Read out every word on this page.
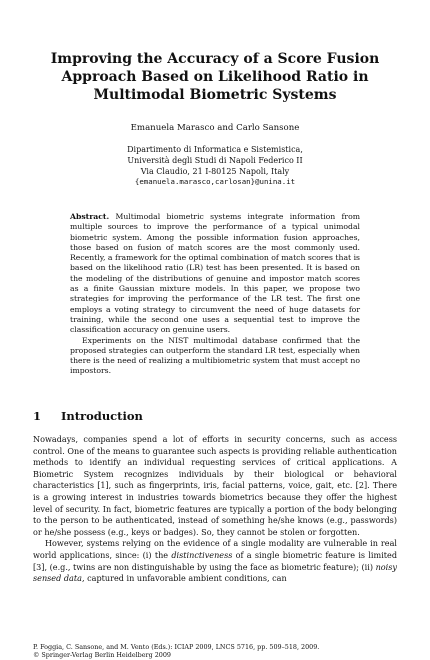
Improving the Accuracy of a Score Fusion
Approach Based on Likelihood Ratio in
Multimodal Biometric Systems
Emanuela Marasco and Carlo Sansone
Dipartimento di Informatica e Sistemistica,
Università degli Studi di Napoli Federico II
Via Claudio, 21 I-80125 Napoli, Italy
{emanuela.marasco,carlosan}@unina.it

Abstract. Multimodal biometric systems integrate information from multiple sources to improve the performance of a typical unimodal biometric system. Among the possible information fusion approaches, those based on fusion of match scores are the most commonly used. Recently, a framework for the optimal combination of match scores that is based on the likelihood ratio (LR) test has been presented. It is based on the modeling of the distributions of genuine and impostor match scores as a finite Gaussian mixture models. In this paper, we propose two strategies for improving the performance of the LR test. The first one employs a voting strategy to circumvent the need of huge datasets for training, while the second one uses a sequential test to improve the classification accuracy on genuine users.

Experiments on the NIST multimodal database confirmed that the proposed strategies can outperform the standard LR test, especially when there is the need of realizing a multibiometric system that must accept no impostors.

1 Introduction

Nowadays, companies spend a lot of efforts in security concerns, such as access control. One of the means to guarantee such aspects is providing reliable authentication methods to identify an individual requesting services of critical applications. A Biometric System recognizes individuals by their biological or behavioral characteristics [1], such as fingerprints, iris, facial patterns, voice, gait, etc. [2]. There is a growing interest in industries towards biometrics because they offer the highest level of security. In fact, biometric features are typically a portion of the body belonging to the person to be authenticated, instead of something he/she knows (e.g., passwords) or he/she possess (e.g., keys or badges). So, they cannot be stolen or forgotten.

However, systems relying on the evidence of a single modality are vulnerable in real world applications, since: (i) the distinctiveness of a single biometric feature is limited [3], (e.g., twins are non distinguishable by using the face as biometric feature); (ii) noisy sensed data, captured in unfavorable ambient conditions, can

P. Foggia, C. Sansone, and M. Vento (Eds.): ICIAP 2009, LNCS 5716, pp. 509–518, 2009.
© Springer-Verlag Berlin Heidelberg 2009
